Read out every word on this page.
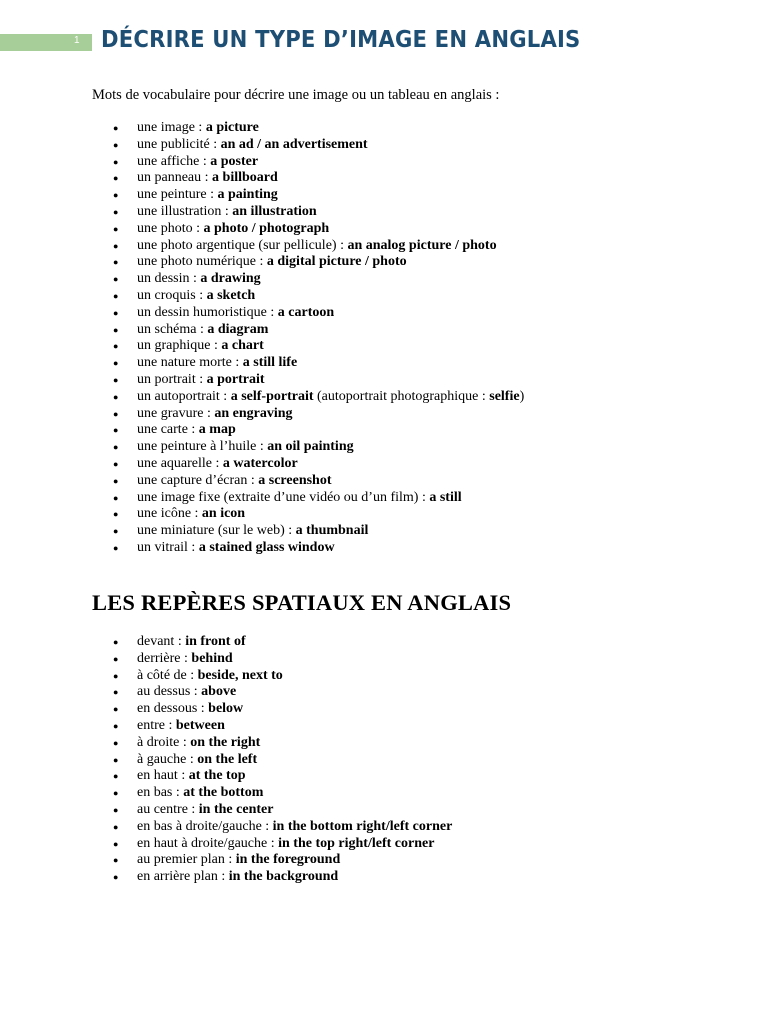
1 DÉCRIRE UN TYPE D’IMAGE EN ANGLAIS

Mots de vocabulaire pour décrire une image ou un tableau en anglais :

● une image : a picture
● une publicité : an ad / an advertisement
● une affiche : a poster
● un panneau : a billboard
● une peinture : a painting
● une illustration : an illustration
● une photo : a photo / photograph
● une photo argentique (sur pellicule) : an analog picture / photo
● une photo numérique : a digital picture / photo
● un dessin : a drawing
● un croquis : a sketch
● un dessin humoristique : a cartoon
● un schéma : a diagram
● un graphique : a chart
● une nature morte : a still life
● un portrait : a portrait
● un autoportrait : a self-portrait (autoportrait photographique : selfie)
● une gravure : an engraving
● une carte : a map
● une peinture à l’huile : an oil painting
● une aquarelle : a watercolor
● une capture d’écran : a screenshot
● une image fixe (extraite d’une vidéo ou d’un film) : a still
● une icône : an icon
● une miniature (sur le web) : a thumbnail
● un vitrail : a stained glass window
LES REPÈRES SPATIAUX EN ANGLAIS
● devant : in front of
● derrière : behind
● à côté de : beside, next to
● au dessus : above
● en dessous : below
● entre : between
● à droite : on the right
● à gauche : on the left
● en haut : at the top
● en bas : at the bottom
● au centre : in the center
● en bas à droite/gauche : in the bottom right/left corner
● en haut à droite/gauche : in the top right/left corner
● au premier plan : in the foreground
● en arrière plan : in the background
